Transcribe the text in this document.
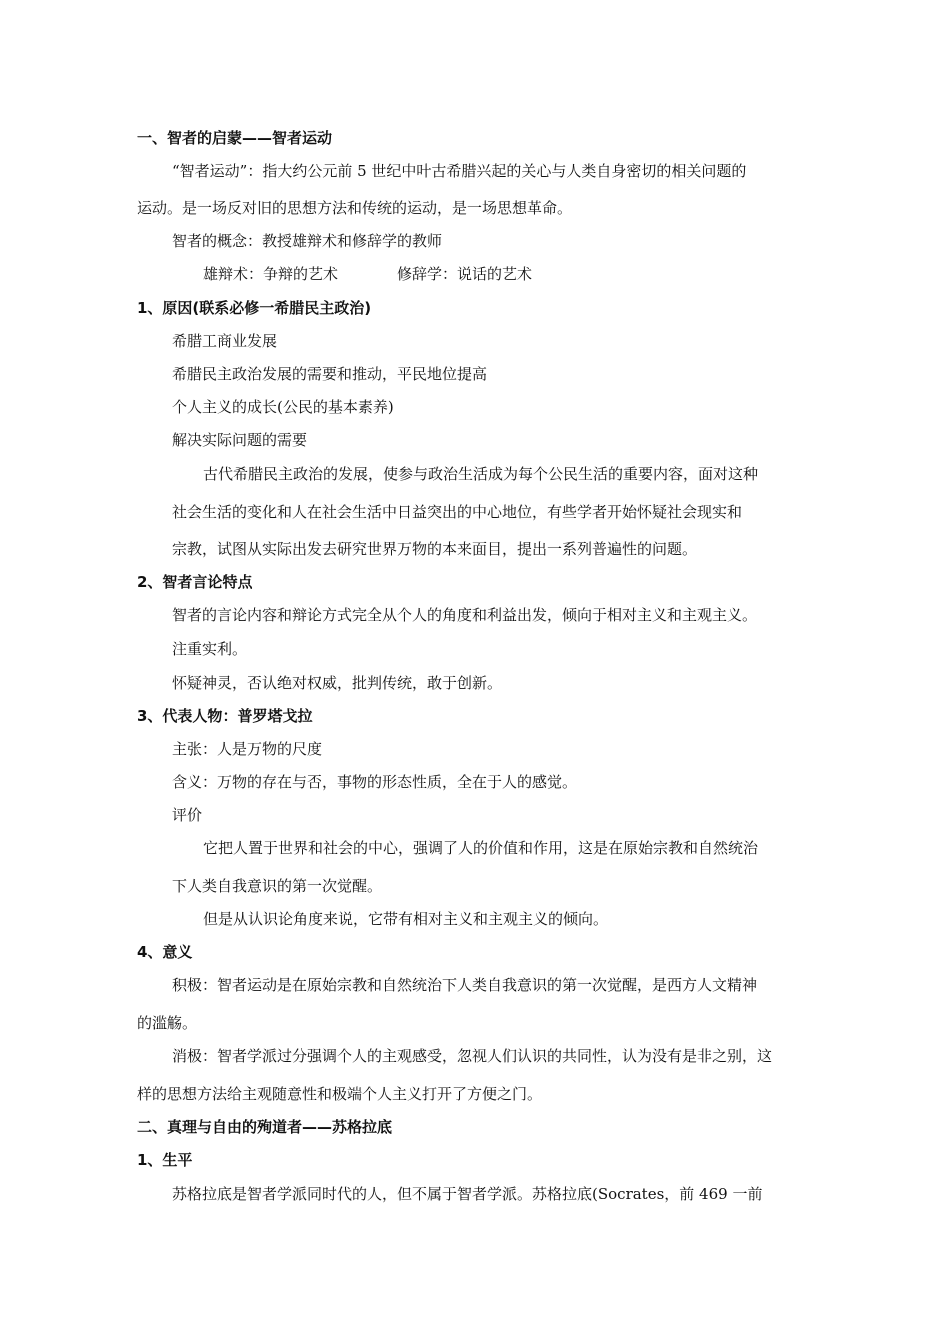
一、智者的启蒙——智者运动
“智者运动”：指大约公元前 5 世纪中叶古希腊兴起的关心与人类自身密切的相关问题的
运动。是一场反对旧的思想方法和传统的运动，是一场思想革命。
智者的概念：教授雄辩术和修辞学的教师
雄辩术：争辩的艺术	修辞学：说话的艺术
1、原因(联系必修一希腊民主政治)
希腊工商业发展
希腊民主政治发展的需要和推动，平民地位提高
个人主义的成长(公民的基本素养)
解决实际问题的需要
古代希腊民主政治的发展，使参与政治生活成为每个公民生活的重要内容，面对这种
社会生活的变化和人在社会生活中日益突出的中心地位，有些学者开始怀疑社会现实和
宗教，试图从实际出发去研究世界万物的本来面目，提出一系列普遍性的问题。
2、智者言论特点
智者的言论内容和辩论方式完全从个人的角度和利益出发，倾向于相对主义和主观主义。
注重实利。
怀疑神灵，否认绝对权威，批判传统，敢于创新。
3、代表人物：普罗塔戈拉
主张：人是万物的尺度
含义：万物的存在与否，事物的形态性质，全在于人的感觉。
评价
它把人置于世界和社会的中心，强调了人的价值和作用，这是在原始宗教和自然统治
下人类自我意识的第一次觉醒。
但是从认识论角度来说，它带有相对主义和主观主义的倾向。
4、意义
积极：智者运动是在原始宗教和自然统治下人类自我意识的第一次觉醒，是西方人文精神
的滥觞。
消极：智者学派过分强调个人的主观感受，忽视人们认识的共同性，认为没有是非之别，这
样的思想方法给主观随意性和极端个人主义打开了方便之门。
二、真理与自由的殉道者——苏格拉底
1、生平
苏格拉底是智者学派同时代的人，但不属于智者学派。苏格拉底(Socrates，前 469 一前
